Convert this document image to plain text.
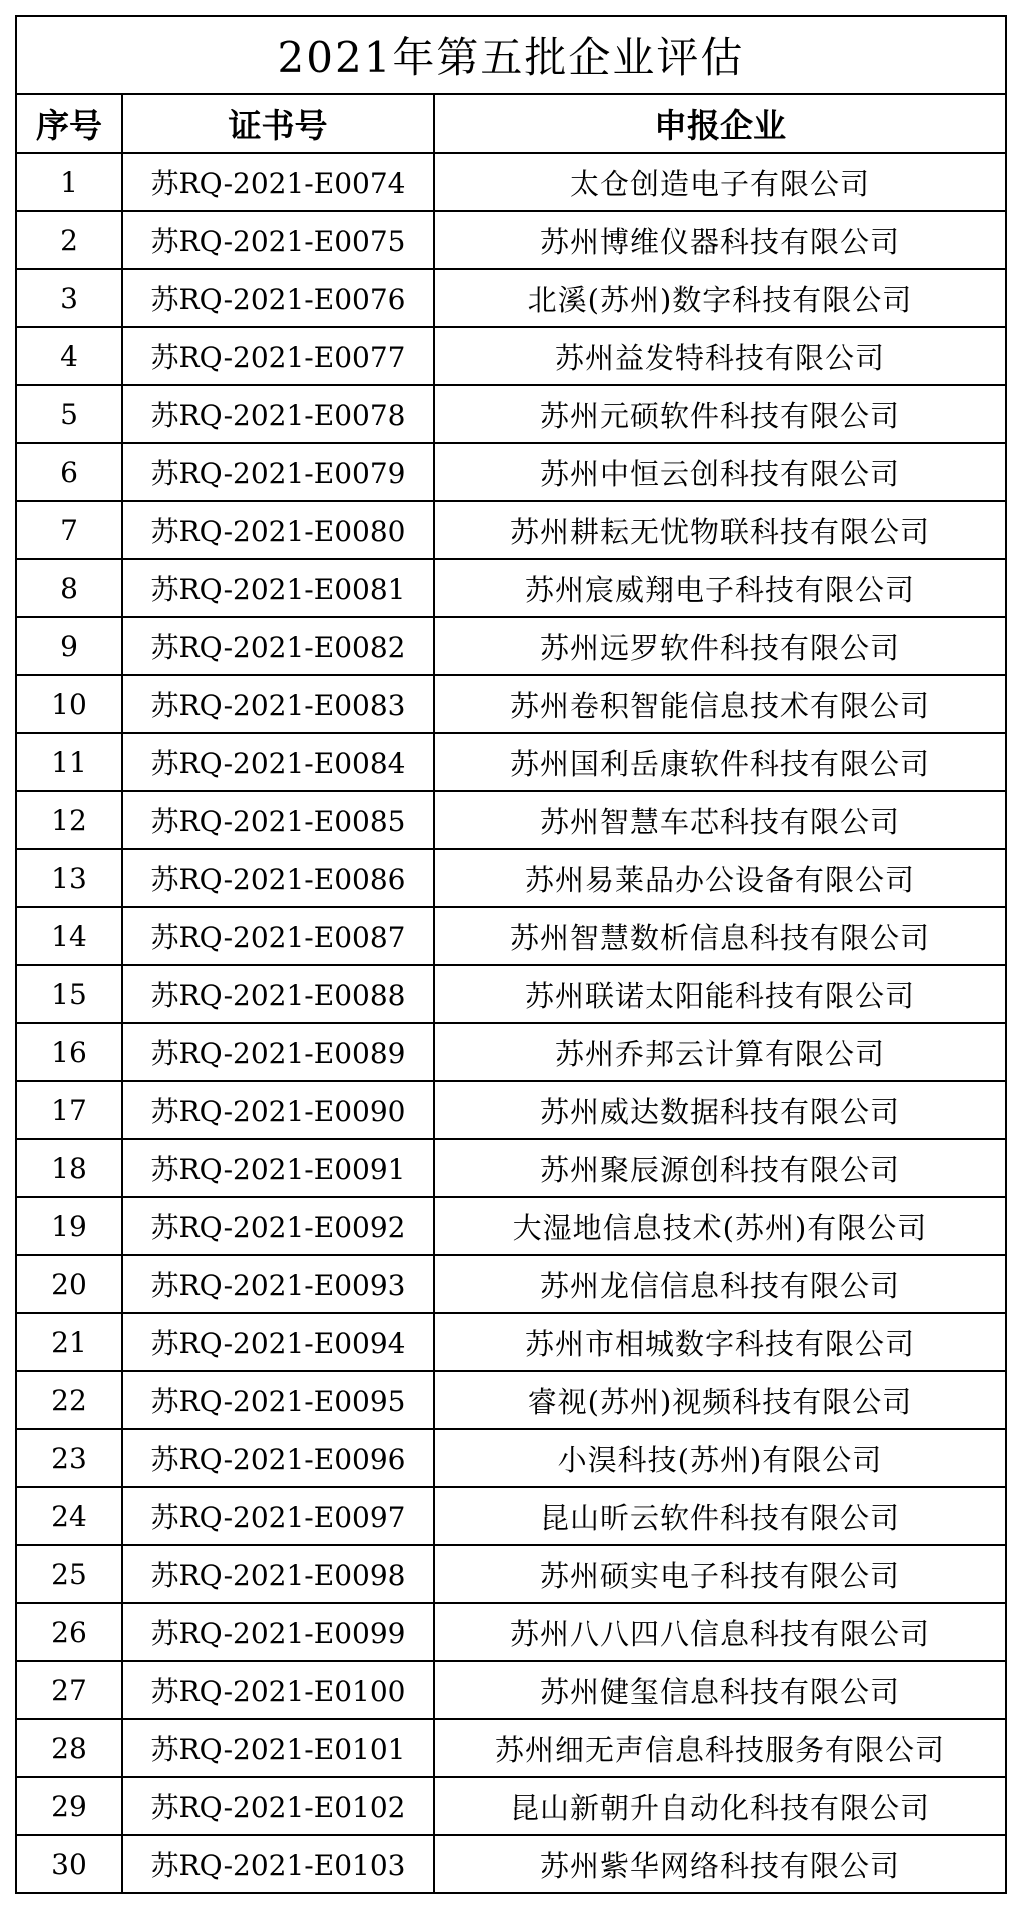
2021年第五批企业评估		
序号	证书号	申报企业
1	苏RQ-2021-E0074	太仓创造电子有限公司
2	苏RQ-2021-E0075	苏州博维仪器科技有限公司
3	苏RQ-2021-E0076	北溪(苏州)数字科技有限公司
4	苏RQ-2021-E0077	苏州益发特科技有限公司
5	苏RQ-2021-E0078	苏州元硕软件科技有限公司
6	苏RQ-2021-E0079	苏州中恒云创科技有限公司
7	苏RQ-2021-E0080	苏州耕耘无忧物联科技有限公司
8	苏RQ-2021-E0081	苏州宸威翔电子科技有限公司
9	苏RQ-2021-E0082	苏州远罗软件科技有限公司
10	苏RQ-2021-E0083	苏州卷积智能信息技术有限公司
11	苏RQ-2021-E0084	苏州国利岳康软件科技有限公司
12	苏RQ-2021-E0085	苏州智慧车芯科技有限公司
13	苏RQ-2021-E0086	苏州易莱品办公设备有限公司
14	苏RQ-2021-E0087	苏州智慧数析信息科技有限公司
15	苏RQ-2021-E0088	苏州联诺太阳能科技有限公司
16	苏RQ-2021-E0089	苏州乔邦云计算有限公司
17	苏RQ-2021-E0090	苏州威达数据科技有限公司
18	苏RQ-2021-E0091	苏州聚辰源创科技有限公司
19	苏RQ-2021-E0092	大湿地信息技术(苏州)有限公司
20	苏RQ-2021-E0093	苏州龙信信息科技有限公司
21	苏RQ-2021-E0094	苏州市相城数字科技有限公司
22	苏RQ-2021-E0095	睿视(苏州)视频科技有限公司
23	苏RQ-2021-E0096	小淏科技(苏州)有限公司
24	苏RQ-2021-E0097	昆山昕云软件科技有限公司
25	苏RQ-2021-E0098	苏州硕实电子科技有限公司
26	苏RQ-2021-E0099	苏州八八四八信息科技有限公司
27	苏RQ-2021-E0100	苏州健玺信息科技有限公司
28	苏RQ-2021-E0101	苏州细无声信息科技服务有限公司
29	苏RQ-2021-E0102	昆山新朝升自动化科技有限公司
30	苏RQ-2021-E0103	苏州紫华网络科技有限公司
